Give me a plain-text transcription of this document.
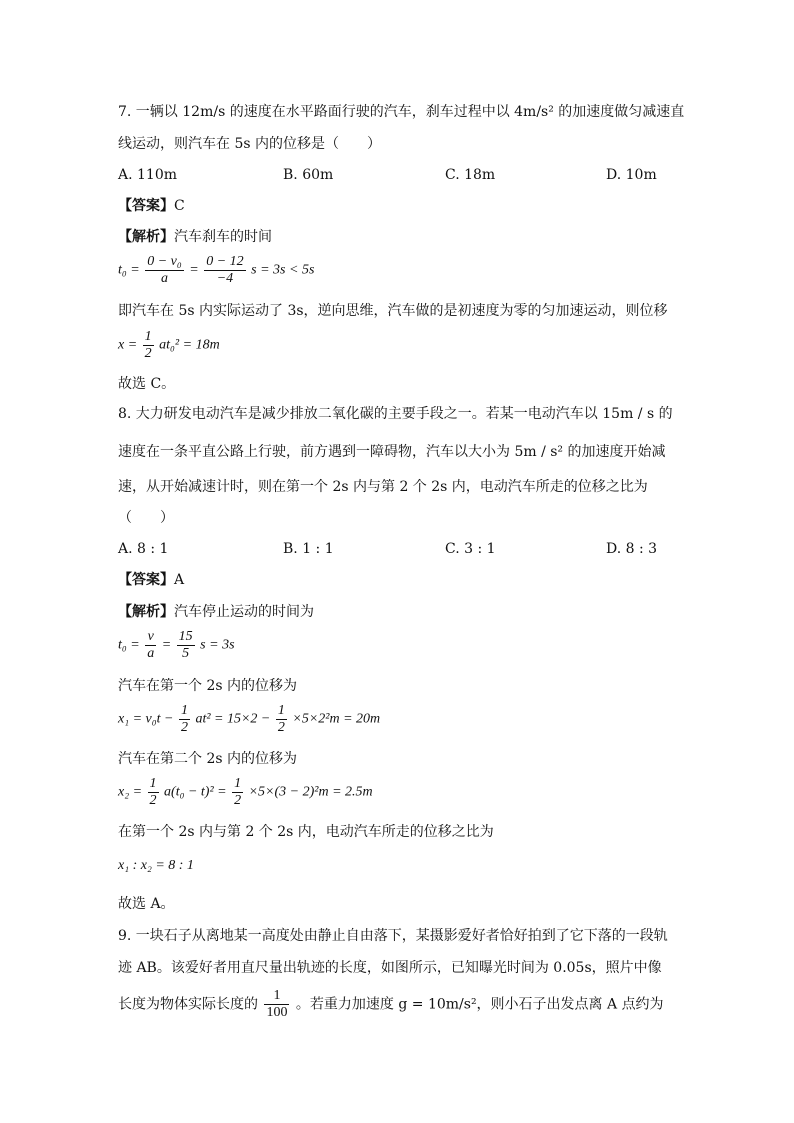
7. 一辆以 12m/s 的速度在水平路面行驶的汽车，刹车过程中以 4m/s² 的加速度做匀减速直
线运动，则汽车在 5s 内的位移是（　　）
A. 110m	B. 60m	C. 18m	D. 10m
【答案】C
【解析】汽车刹车的时间
$t_0 = \frac{\text{0 − v₀}}{a} = \frac{0 - 12}{-4}$ s = 3s < 5s
即汽车在 5s 内实际运动了 3s，逆向思维，汽车做的是初速度为零的匀加速运动，则位移
$x = \frac{1}{2} at_0^2 = 18m$
故选 C。
8. 大力研发电动汽车是减少排放二氧化碳的主要手段之一。若某一电动汽车以 15m / s 的
速度在一条平直公路上行驶，前方遇到一障碍物，汽车以大小为 5m / s² 的加速度开始减
速，从开始减速计时，则在第一个 2s 内与第 2 个 2s 内，电动汽车所走的位移之比为
（　　）
A. 8 : 1	B. 1 : 1	C. 3 : 1	D. 8 : 3
【答案】A
【解析】汽车停止运动的时间为
$t_0 = \frac{v}{a} = \frac{15}{5}$ s = 3s
汽车在第一个 2s 内的位移为
$x_1 = v_0t - \frac{1}{2} at^2 = 15\times 2 - \frac{1}{2} \times 5\times 2^2m = 20m$
汽车在第二个 2s 内的位移为
$x_2 = \frac{1}{2} a(t_0 - t)^2 = \frac{1}{2} \times 5\times(3 - 2)^2m = 2.5m$
在第一个 2s 内与第 2 个 2s 内，电动汽车所走的位移之比为
x₁ : x₂ = 8 : 1
故选 A。
9. 一块石子从离地某一高度处由静止自由落下，某摄影爱好者恰好拍到了它下落的一段轨
迹 AB。该爱好者用直尺量出轨迹的长度，如图所示，已知曝光时间为 0.05s，照片中像
长度为物体实际长度的 $\frac{1}{100}$ 。若重力加速度 g = 10m/s²，则小石子出发点离 A 点约为
